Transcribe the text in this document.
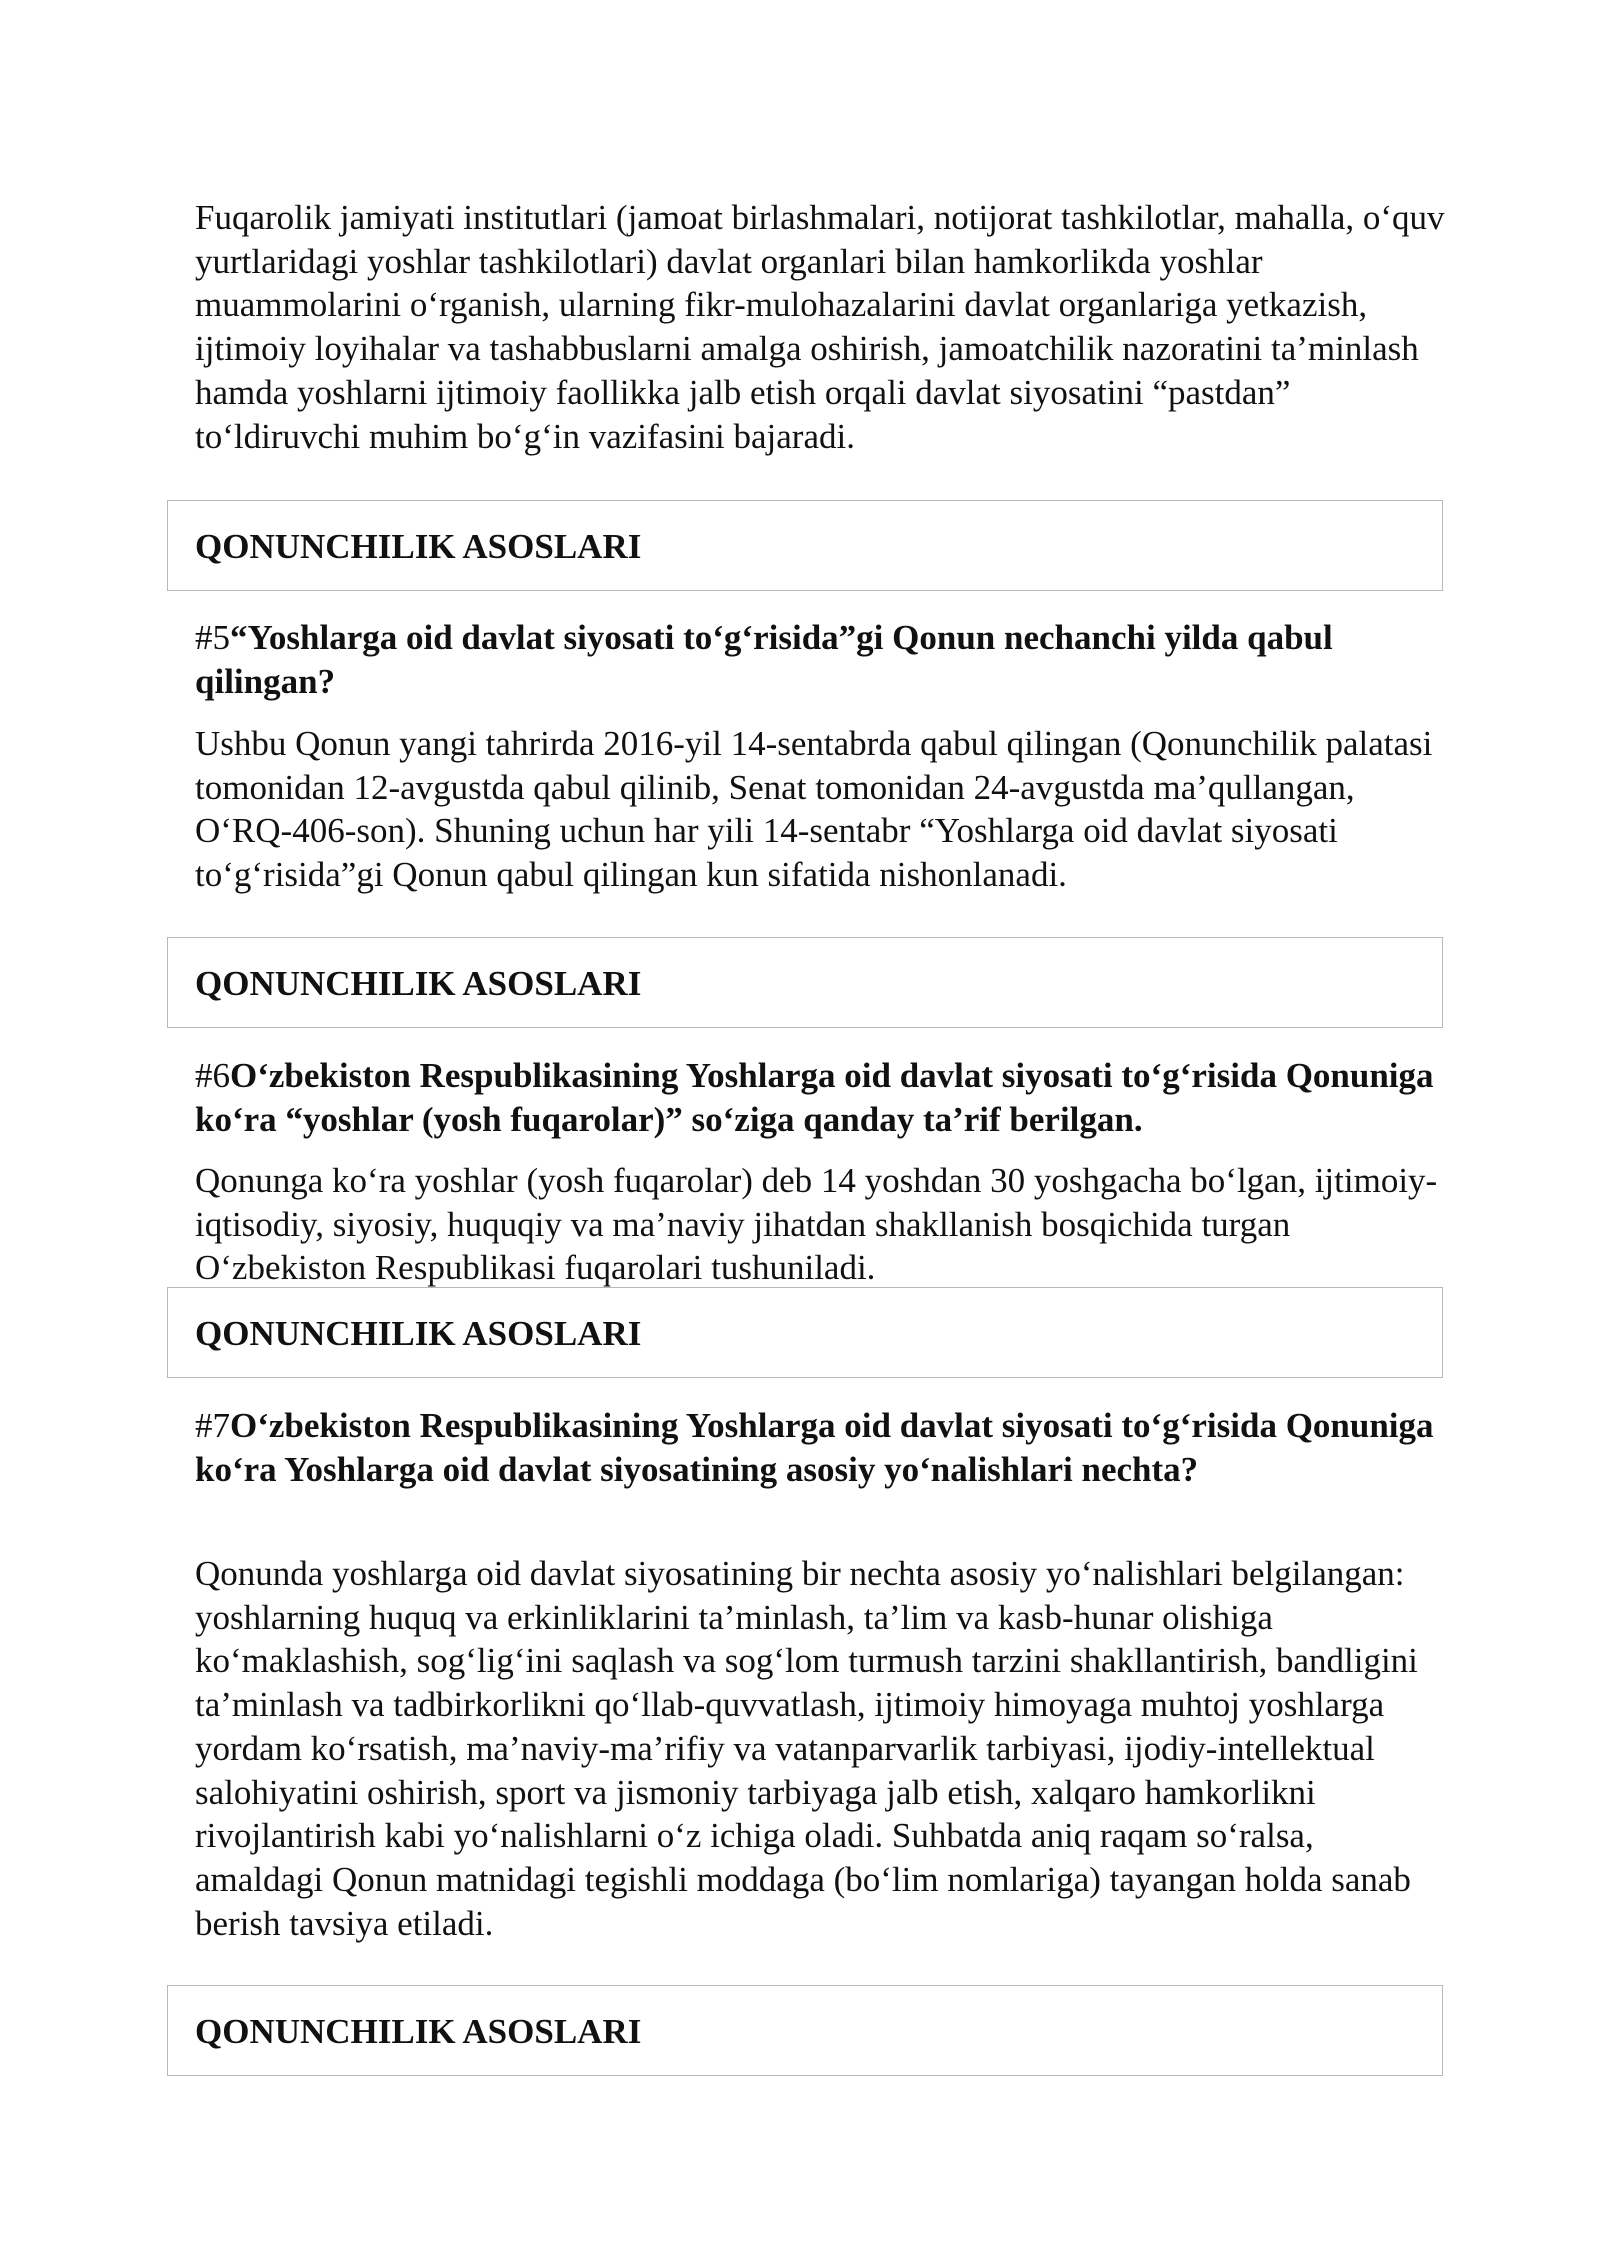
Fuqarolik jamiyati institutlari (jamoat birlashmalari, notijorat tashkilotlar, mahalla, o‘quv yurtlaridagi yoshlar tashkilotlari) davlat organlari bilan hamkorlikda yoshlar muammolarini o‘rganish, ularning fikr-mulohazalarini davlat organlariga yetkazish, ijtimoiy loyihalar va tashabbuslarni amalga oshirish, jamoatchilik nazoratini ta’minlash hamda yoshlarni ijtimoiy faollikka jalb etish orqali davlat siyosatini “pastdan” to‘ldiruvchi muhim bo‘g‘in vazifasini bajaradi.

QONUNCHILIK ASOSLARI

#5“Yoshlarga oid davlat siyosati to‘g‘risida”gi Qonun nechanchi yilda qabul qilingan?

Ushbu Qonun yangi tahrirda 2016-yil 14-sentabrda qabul qilingan (Qonunchilik palatasi tomonidan 12-avgustda qabul qilinib, Senat tomonidan 24-avgustda ma’qullangan, O‘RQ-406-son). Shuning uchun har yili 14-sentabr “Yoshlarga oid davlat siyosati to‘g‘risida”gi Qonun qabul qilingan kun sifatida nishonlanadi.

QONUNCHILIK ASOSLARI

#6O‘zbekiston Respublikasining Yoshlarga oid davlat siyosati to‘g‘risida Qonuniga ko‘ra “yoshlar (yosh fuqarolar)” so‘ziga qanday ta’rif berilgan.

Qonunga ko‘ra yoshlar (yosh fuqarolar) deb 14 yoshdan 30 yoshgacha bo‘lgan, ijtimoiy-iqtisodiy, siyosiy, huquqiy va ma’naviy jihatdan shakllanish bosqichida turgan O‘zbekiston Respublikasi fuqarolari tushuniladi.

QONUNCHILIK ASOSLARI

#7O‘zbekiston Respublikasining Yoshlarga oid davlat siyosati to‘g‘risida Qonuniga ko‘ra Yoshlarga oid davlat siyosatining asosiy yo‘nalishlari nechta?

Qonunda yoshlarga oid davlat siyosatining bir nechta asosiy yo‘nalishlari belgilangan: yoshlarning huquq va erkinliklarini ta’minlash, ta’lim va kasb-hunar olishiga ko‘maklashish, sog‘lig‘ini saqlash va sog‘lom turmush tarzini shakllantirish, bandligini ta’minlash va tadbirkorlikni qo‘llab-quvvatlash, ijtimoiy himoyaga muhtoj yoshlarga yordam ko‘rsatish, ma’naviy-ma’rifiy va vatanparvarlik tarbiyasi, ijodiy-intellektual salohiyatini oshirish, sport va jismoniy tarbiyaga jalb etish, xalqaro hamkorlikni rivojlantirish kabi yo‘nalishlarni o‘z ichiga oladi. Suhbatda aniq raqam so‘ralsa, amaldagi Qonun matnidagi tegishli moddaga (bo‘lim nomlariga) tayangan holda sanab berish tavsiya etiladi.

QONUNCHILIK ASOSLARI
